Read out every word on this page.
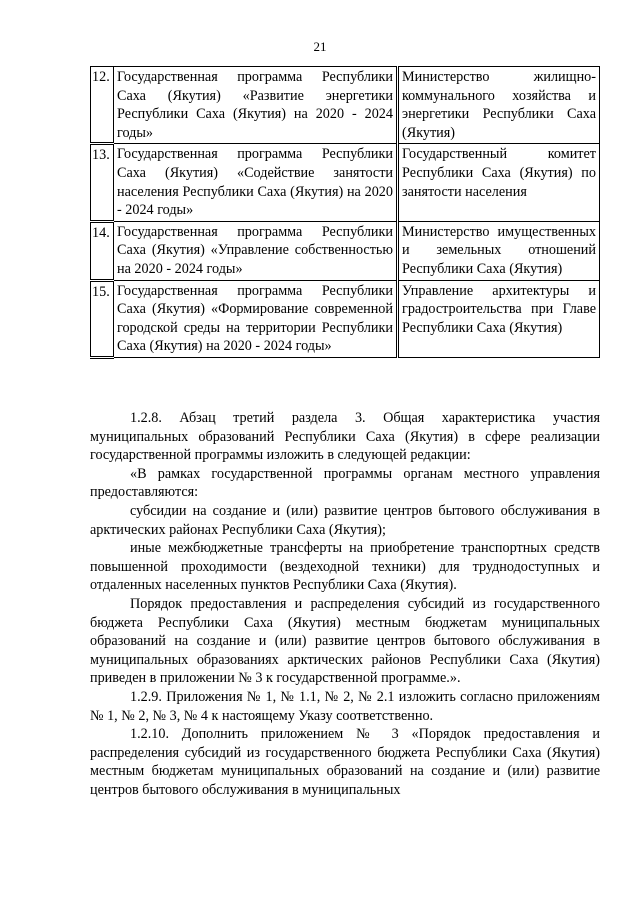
21
12.	Государственная программа Республики Саха (Якутия) «Развитие энергетики Республики Саха (Якутия) на 2020 - 2024 годы»	Министерство жилищно-коммунального хозяйства и энергетики Республики Саха (Якутия)
13.	Государственная программа Республики Саха (Якутия) «Содействие занятости населения Республики Саха (Якутия) на 2020 - 2024 годы»	Государственный комитет Республики Саха (Якутия) по занятости населения
14.	Государственная программа Республики Саха (Якутия) «Управление собственностью на 2020 - 2024 годы»	Министерство имущественных и земельных отношений Республики Саха (Якутия)
15.	Государственная программа Республики Саха (Якутия) «Формирование современной городской среды на территории Республики Саха (Якутия) на 2020 - 2024 годы»	Управление архитектуры и градостроительства при Главе Республики Саха (Якутия)

1.2.8. Абзац третий раздела 3. Общая характеристика участия муниципальных образований Республики Саха (Якутия) в сфере реализации государственной программы изложить в следующей редакции:

«В рамках государственной программы органам местного управления предоставляются:

субсидии на создание и (или) развитие центров бытового обслуживания в арктических районах Республики Саха (Якутия);

иные межбюджетные трансферты на приобретение транспортных средств повышенной проходимости (вездеходной техники) для труднодоступных и отдаленных населенных пунктов Республики Саха (Якутия).

Порядок предоставления и распределения субсидий из государственного бюджета Республики Саха (Якутия) местным бюджетам муниципальных образований на создание и (или) развитие центров бытового обслуживания в муниципальных образованиях арктических районов Республики Саха (Якутия) приведен в приложении № 3 к государственной программе.».

1.2.9. Приложения № 1, № 1.1, № 2, № 2.1 изложить согласно приложениям № 1, № 2, № 3, № 4 к настоящему Указу соответственно.

1.2.10. Дополнить приложением № 3 «Порядок предоставления и распределения субсидий из государственного бюджета Республики Саха (Якутия) местным бюджетам муниципальных образований на создание и (или) развитие центров бытового обслуживания в муниципальных
